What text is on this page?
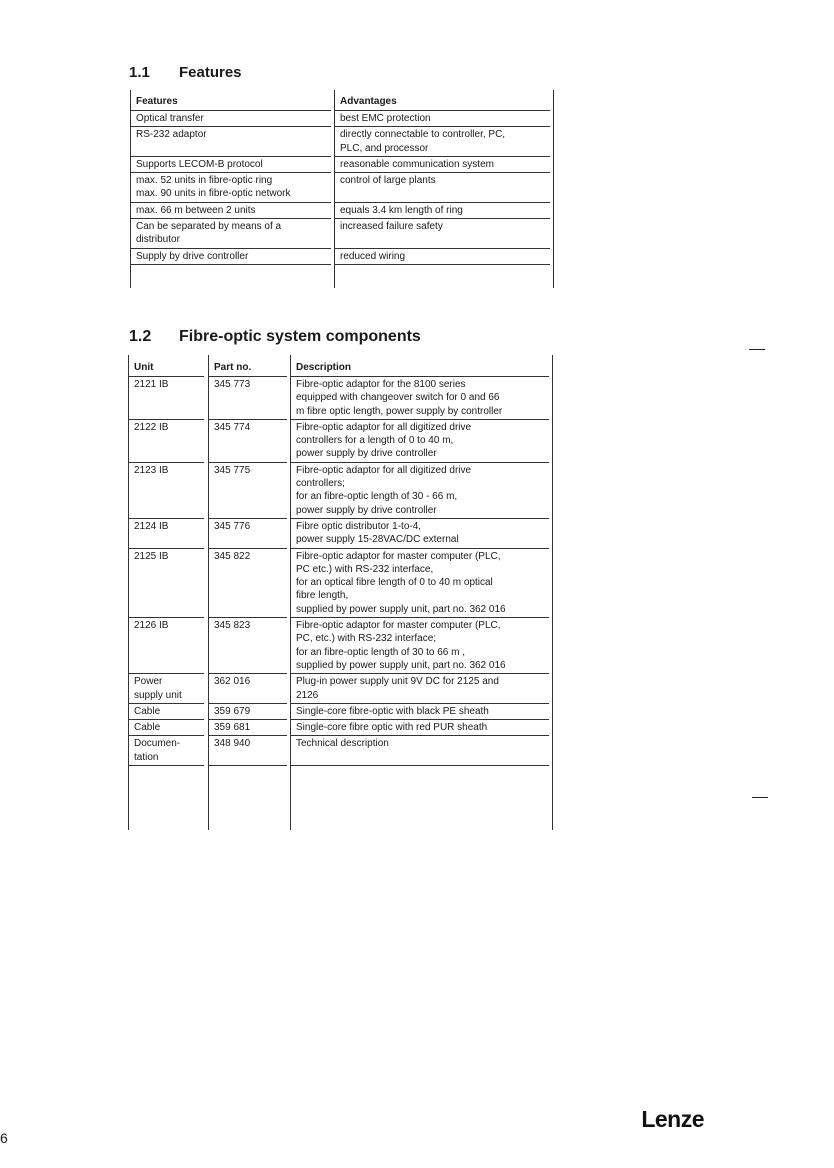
1.1 Features
Features
Optical transfer
RS-232 adaptor
Supports LECOM-B protocol
max. 52 units in fibre-optic ring
max. 90 units in fibre-optic network
max. 66 m between 2 units
Can be separated by means of a
distributor
Supply by drive controller
Advantages
best EMC protection
directly connectable to controller, PC,
PLC, and processor
reasonable communication system
control of large plants
equals 3.4 km length of ring
increased failure safety
reduced wiring
1.2 Fibre-optic system components
Unit
2121 IB
2122 IB
2123 IB
2124 IB
2125 IB
2126 IB
Power
supply unit
Cable
Cable
Documen-
tation
Part no.
345 773
345 774
345 775
345 776
345 822
345 823
362 016
359 679
359 681
348 940
Description
Fibre-optic adaptor for the 8100 series
equipped with changeover switch for 0 and 66
m fibre optic length, power supply by controller
Fibre-optic adaptor for all digitized drive
controllers for a length of 0 to 40 m,
power supply by drive controller
Fibre-optic adaptor for all digitized drive
controllers;
for an fibre-optic length of 30 - 66 m,
power supply by drive controller
Fibre optic distributor 1-to-4,
power supply 15-28VAC/DC external
Fibre-optic adaptor for master computer (PLC,
PC etc.) with RS-232 interface,
for an optical fibre length of 0 to 40 m optical
fibre length,
supplied by power supply unit, part no. 362 016
Fibre-optic adaptor for master computer (PLC,
PC, etc.) with RS-232 interface;
for an fibre-optic length of 30 to 66 m ,
supplied by power supply unit, part no. 362 016
Plug-in power supply unit 9V DC for 2125 and
2126
Single-core fibre-optic with black PE sheath
Single-core fibre optic with red PUR sheath
Technical description
Lenze
6
